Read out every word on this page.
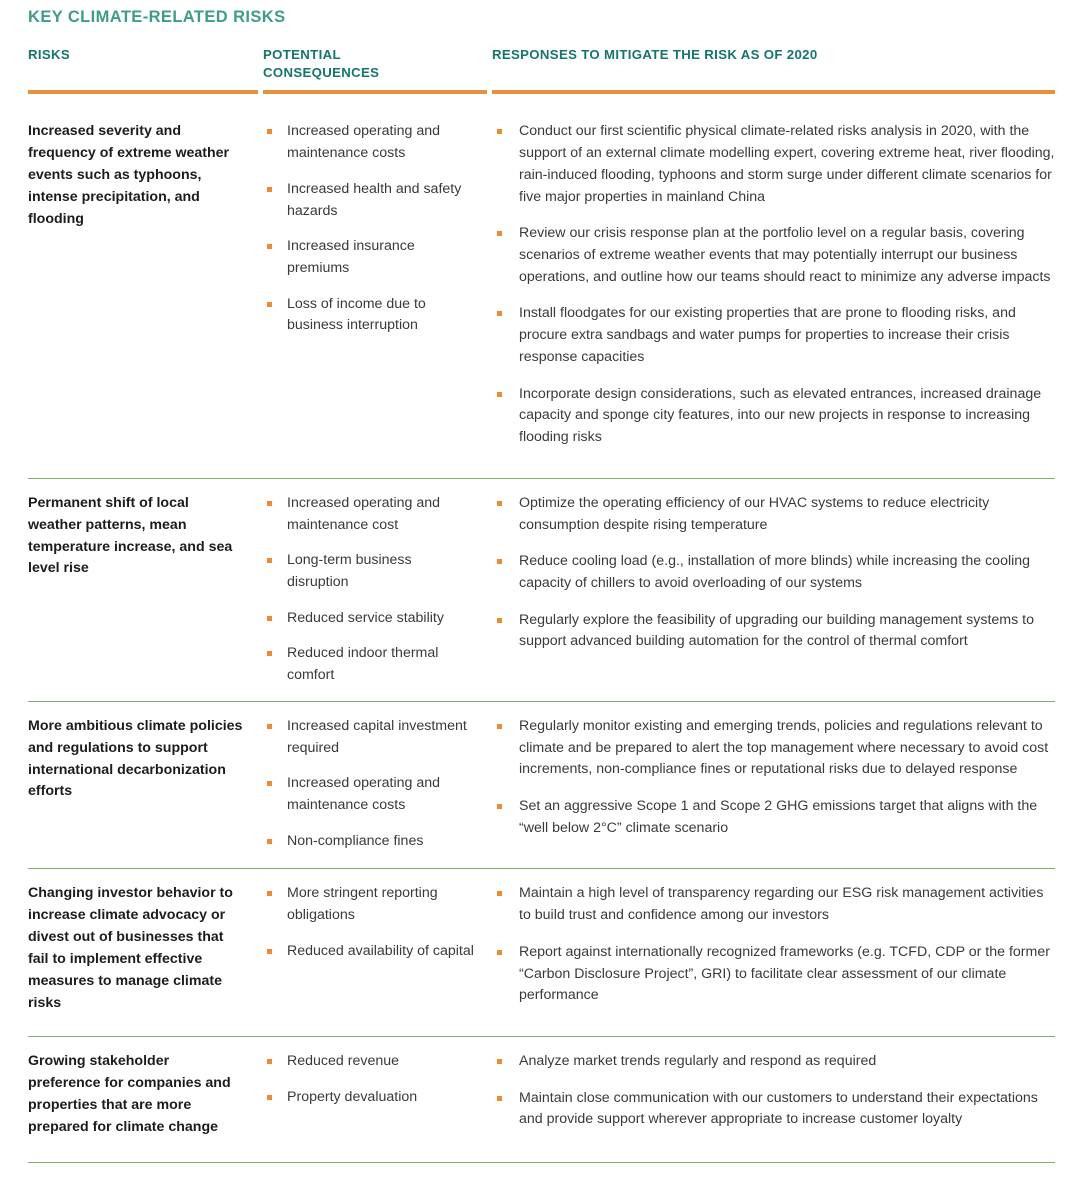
KEY CLIMATE-RELATED RISKS
RISKS	POTENTIAL
CONSEQUENCES
RESPONSES TO MITIGATE THE RISK AS OF 2020
Increased severity and frequency of extreme weather events such as typhoons, intense precipitation, and flooding
Increased operating and maintenance costs
Increased health and safety hazards
Increased insurance premiums
Loss of income due to business interruption
Conduct our first scientific physical climate-related risks analysis in 2020, with the support of an external climate modelling expert, covering extreme heat, river flooding, rain-induced flooding, typhoons and storm surge under different climate scenarios for five major properties in mainland China
Review our crisis response plan at the portfolio level on a regular basis, covering scenarios of extreme weather events that may potentially interrupt our business operations, and outline how our teams should react to minimize any adverse impacts
Install floodgates for our existing properties that are prone to flooding risks, and procure extra sandbags and water pumps for properties to increase their crisis response capacities
Incorporate design considerations, such as elevated entrances, increased drainage capacity and sponge city features, into our new projects in response to increasing flooding risks
Permanent shift of local weather patterns, mean temperature increase, and sea level rise
Increased operating and maintenance cost
Long-term business disruption
Reduced service stability
Reduced indoor thermal comfort
Optimize the operating efficiency of our HVAC systems to reduce electricity consumption despite rising temperature
Reduce cooling load (e.g., installation of more blinds) while increasing the cooling capacity of chillers to avoid overloading of our systems
Regularly explore the feasibility of upgrading our building management systems to support advanced building automation for the control of thermal comfort
More ambitious climate policies and regulations to support international decarbonization efforts
Increased capital investment required
Increased operating and maintenance costs
Non-compliance fines
Regularly monitor existing and emerging trends, policies and regulations relevant to climate and be prepared to alert the top management where necessary to avoid cost increments, non-compliance fines or reputational risks due to delayed response
Set an aggressive Scope 1 and Scope 2 GHG emissions target that aligns with the “well below 2°C” climate scenario
Changing investor behavior to increase climate advocacy or divest out of businesses that fail to implement effective measures to manage climate risks
More stringent reporting obligations
Reduced availability of capital
Maintain a high level of transparency regarding our ESG risk management activities to build trust and confidence among our investors
Report against internationally recognized frameworks (e.g. TCFD, CDP or the former “Carbon Disclosure Project”, GRI) to facilitate clear assessment of our climate performance
Growing stakeholder preference for companies and properties that are more prepared for climate change
Reduced revenue
Property devaluation
Analyze market trends regularly and respond as required
Maintain close communication with our customers to understand their expectations and provide support wherever appropriate to increase customer loyalty
